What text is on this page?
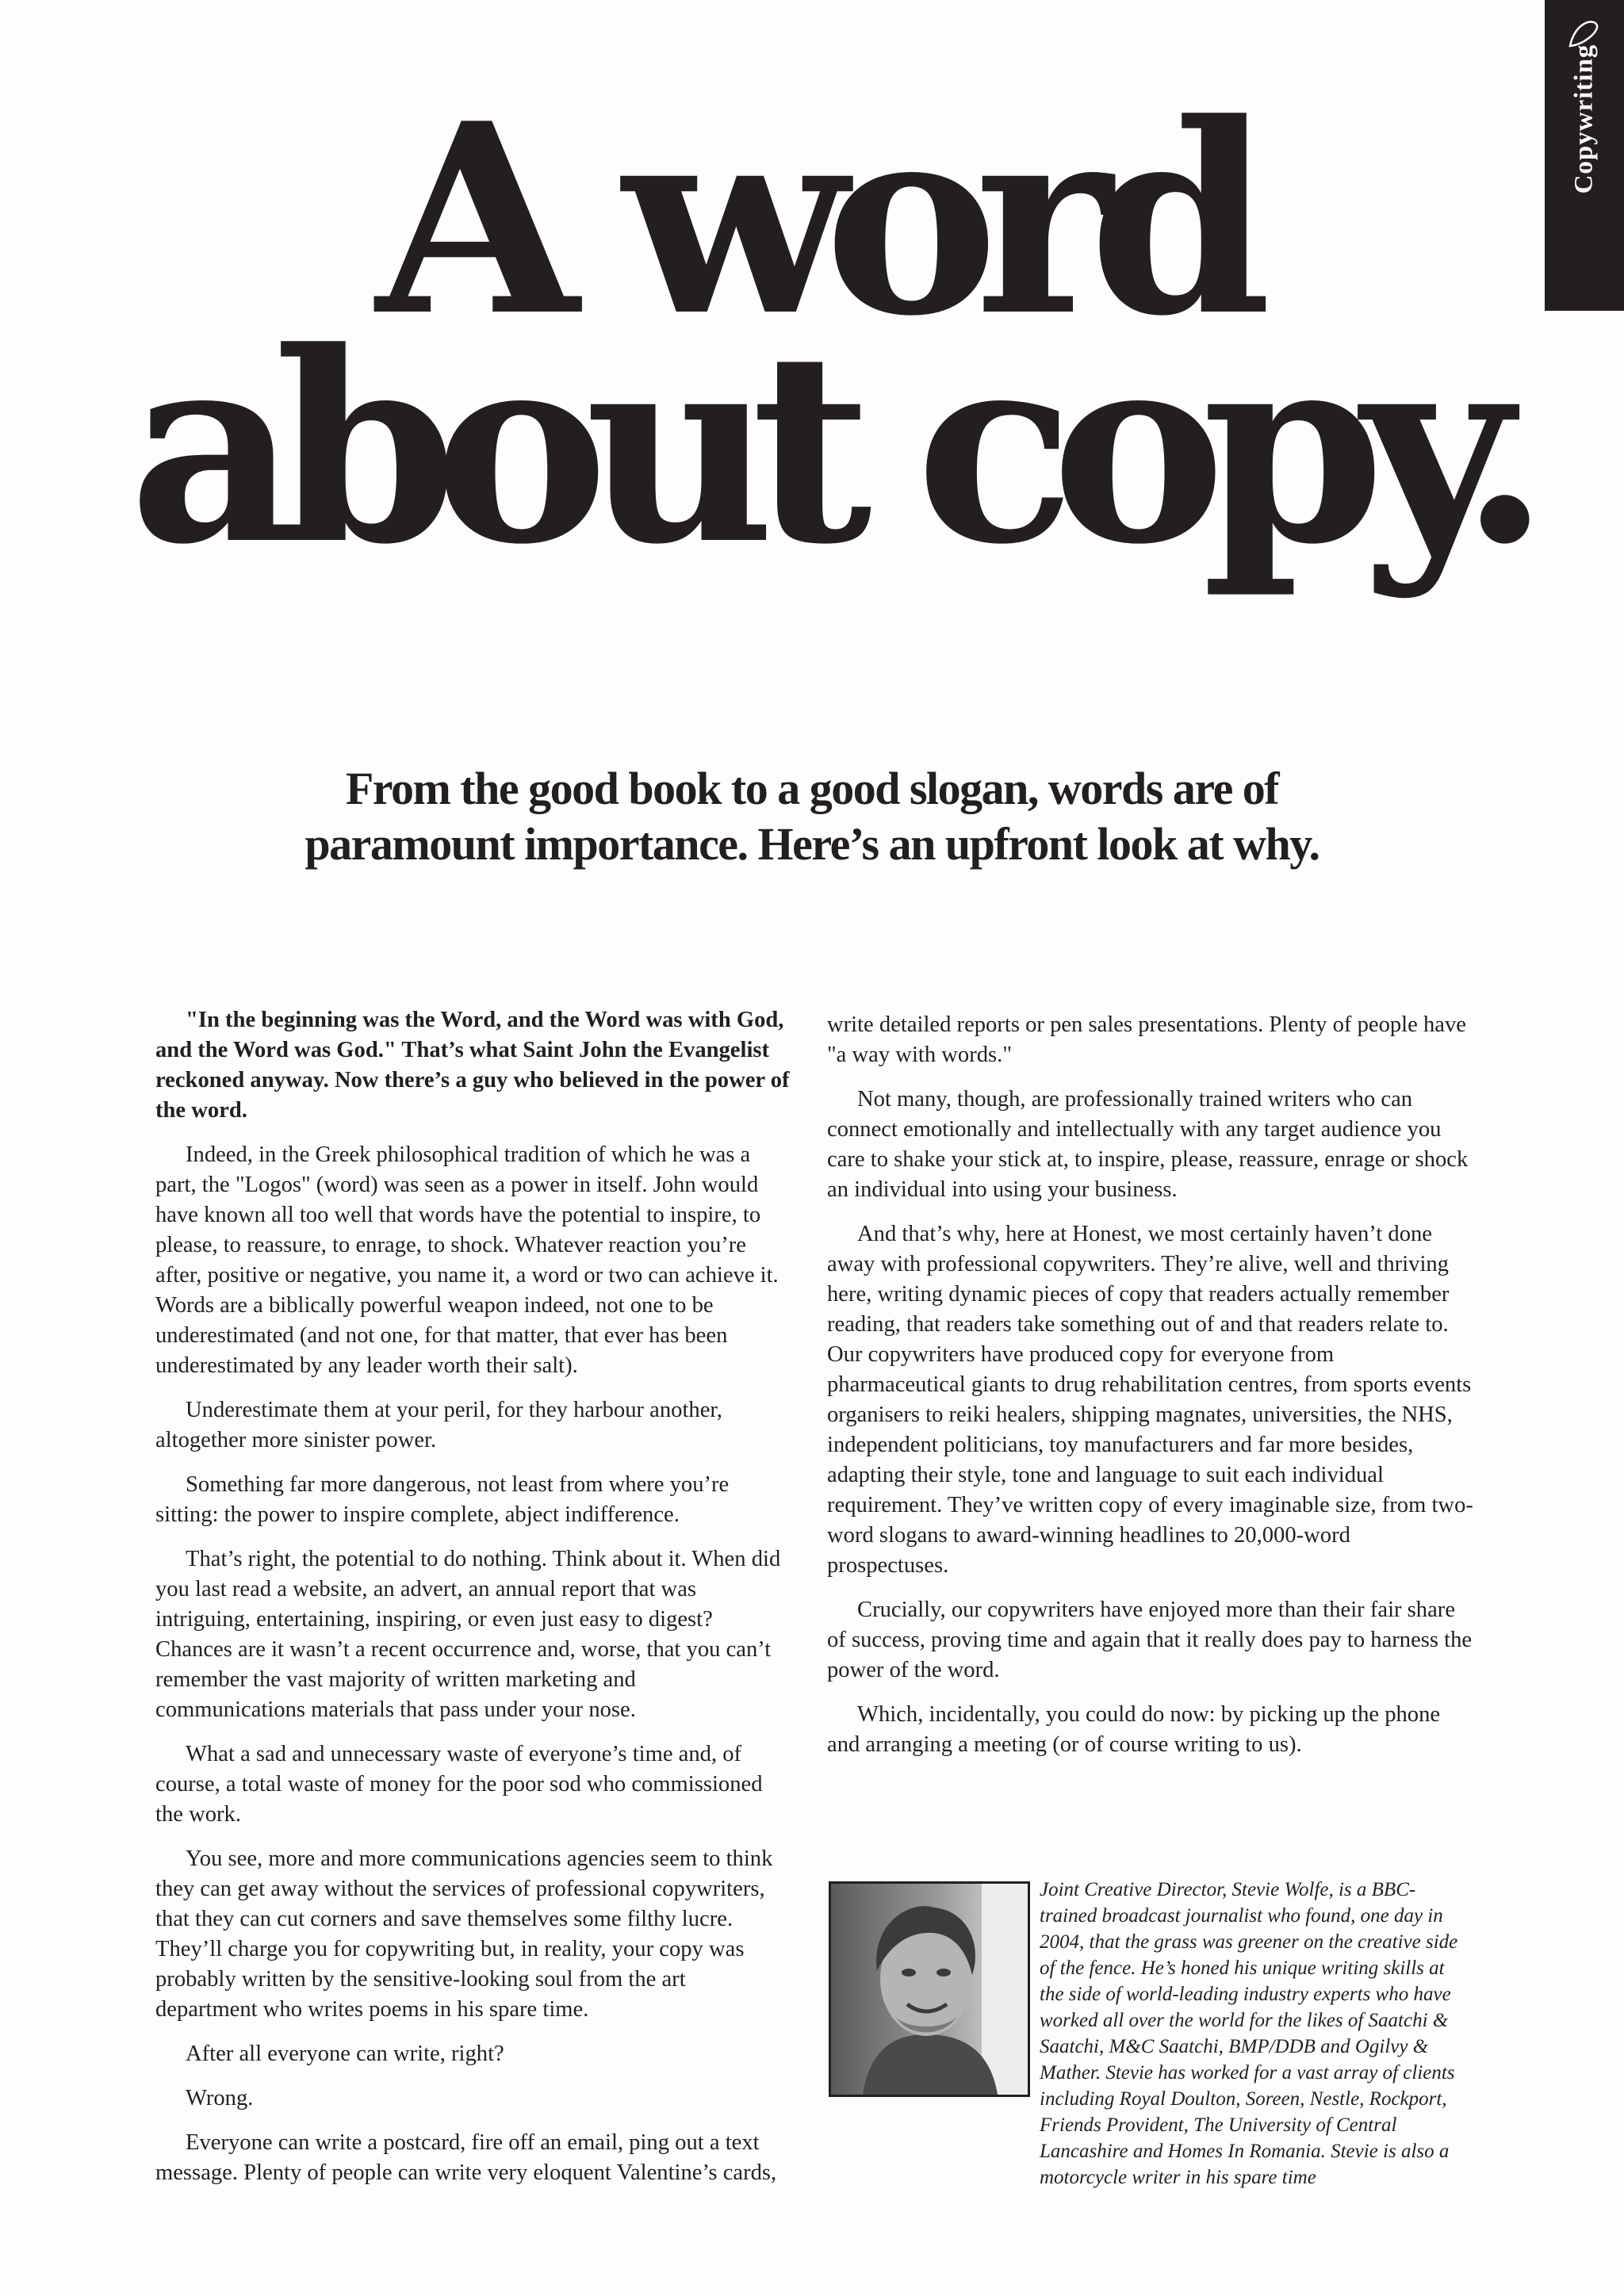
Copywriting
A word
about copy.
From the good book to a good slogan, words are of
paramount importance. Here’s an upfront look at why.

"In the beginning was the Word, and the Word was with God, and the Word was God." That’s what Saint John the Evangelist reckoned anyway. Now there’s a guy who believed in the power of the word.

Indeed, in the Greek philosophical tradition of which he was a part, the "Logos" (word) was seen as a power in itself. John would have known all too well that words have the potential to inspire, to please, to reassure, to enrage, to shock. Whatever reaction you’re after, positive or negative, you name it, a word or two can achieve it. Words are a biblically powerful weapon indeed, not one to be underestimated (and not one, for that matter, that ever has been underestimated by any leader worth their salt).

Underestimate them at your peril, for they harbour another, altogether more sinister power.

Something far more dangerous, not least from where you’re sitting: the power to inspire complete, abject indifference.

That’s right, the potential to do nothing. Think about it. When did you last read a website, an advert, an annual report that was intriguing, entertaining, inspiring, or even just easy to digest? Chances are it wasn’t a recent occurrence and, worse, that you can’t remember the vast majority of written marketing and communications materials that pass under your nose.

What a sad and unnecessary waste of everyone’s time and, of course, a total waste of money for the poor sod who commissioned the work.

You see, more and more communications agencies seem to think they can get away without the services of professional copywriters, that they can cut corners and save themselves some filthy lucre. They’ll charge you for copywriting but, in reality, your copy was probably written by the sensitive-looking soul from the art department who writes poems in his spare time.

After all everyone can write, right?

Wrong.

Everyone can write a postcard, fire off an email, ping out a text message. Plenty of people can write very eloquent Valentine’s cards,

write detailed reports or pen sales presentations. Plenty of people have "a way with words."

Not many, though, are professionally trained writers who can connect emotionally and intellectually with any target audience you care to shake your stick at, to inspire, please, reassure, enrage or shock an individual into using your business.

And that’s why, here at Honest, we most certainly haven’t done away with professional copywriters. They’re alive, well and thriving here, writing dynamic pieces of copy that readers actually remember reading, that readers take something out of and that readers relate to. Our copywriters have produced copy for everyone from pharmaceutical giants to drug rehabilitation centres, from sports events organisers to reiki healers, shipping magnates, universities, the NHS, independent politicians, toy manufacturers and far more besides, adapting their style, tone and language to suit each individual requirement. They’ve written copy of every imaginable size, from two-word slogans to award-winning headlines to 20,000-word prospectuses.

Crucially, our copywriters have enjoyed more than their fair share of success, proving time and again that it really does pay to harness the power of the word.

Which, incidentally, you could do now: by picking up the phone and arranging a meeting (or of course writing to us).

Joint Creative Director, Stevie Wolfe, is a BBC-trained broadcast journalist who found, one day in 2004, that the grass was greener on the creative side of the fence. He’s honed his unique writing skills at the side of world-leading industry experts who have worked all over the world for the likes of Saatchi & Saatchi, M&C Saatchi, BMP/DDB and Ogilvy & Mather. Stevie has worked for a vast array of clients including Royal Doulton, Soreen, Nestle, Rockport, Friends Provident, The University of Central Lancashire and Homes In Romania. Stevie is also a motorcycle writer in his spare time
